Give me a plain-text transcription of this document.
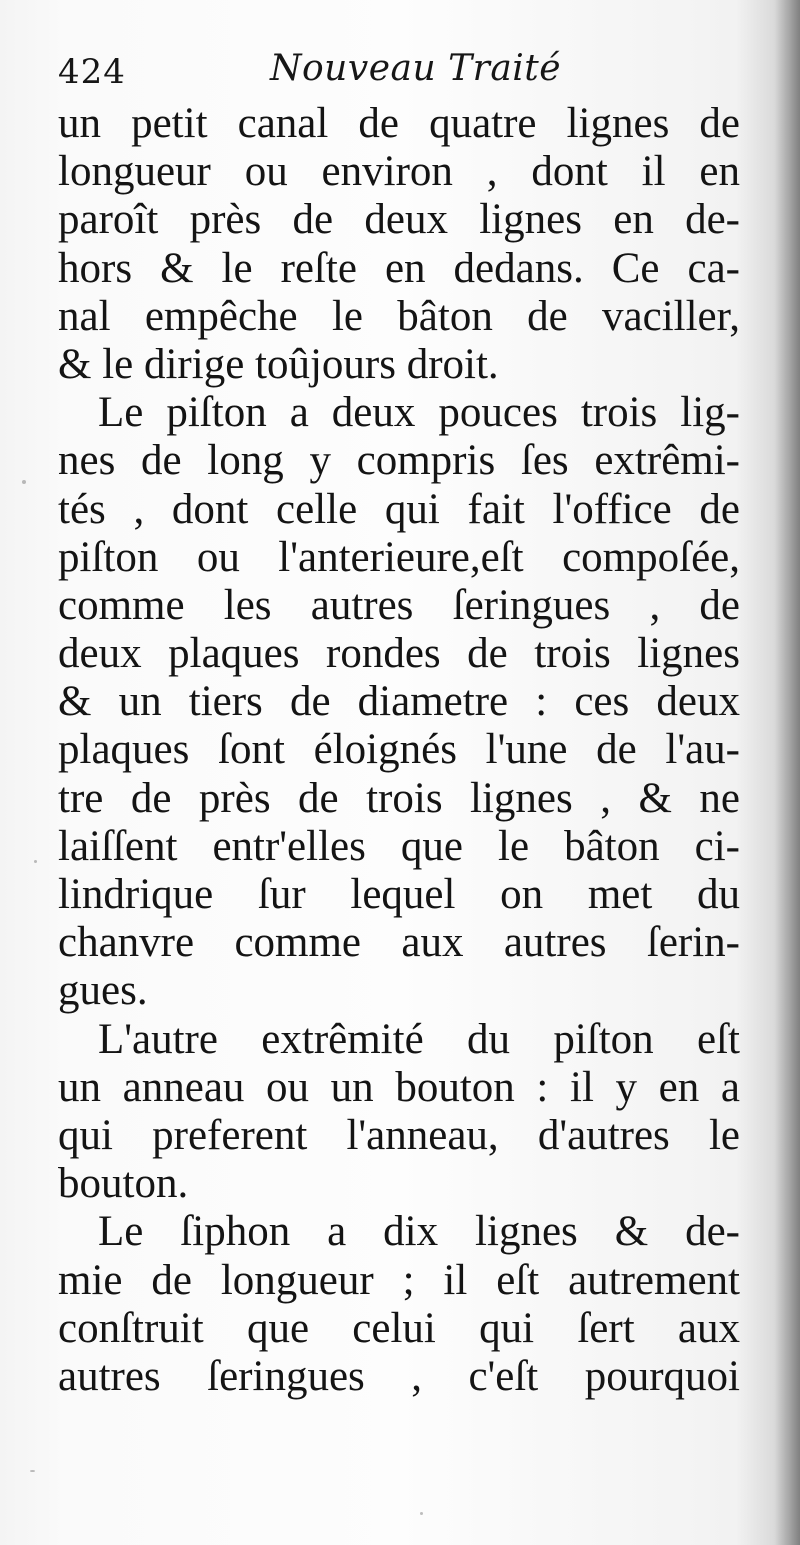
424	Nouveau Traité
un petit canal de quatre lignes de
longueur ou environ , dont il en
paroît près de deux lignes en de-
hors & le reſte en dedans. Ce ca-
nal empêche le bâton de vaciller,
& le dirige toûjours droit.
Le piſton a deux pouces trois lig-
nes de long y compris ſes extrêmi-
tés , dont celle qui fait l'office de
piſton ou l'anterieure,eſt compoſée,
comme les autres ſeringues , de
deux plaques rondes de trois lignes
& un tiers de diametre : ces deux
plaques ſont éloignés l'une de l'au-
tre de près de trois lignes , & ne
laiſſent entr'elles que le bâton ci-
lindrique ſur lequel on met du
chanvre comme aux autres ſerin-
gues.
L'autre extrêmité du piſton eſt
un anneau ou un bouton : il y en a
qui preferent l'anneau, d'autres le
bouton.
Le ſiphon a dix lignes & de-
mie de longueur ; il eſt autrement
conſtruit que celui qui ſert aux
autres ſeringues , c'eſt pourquoi
